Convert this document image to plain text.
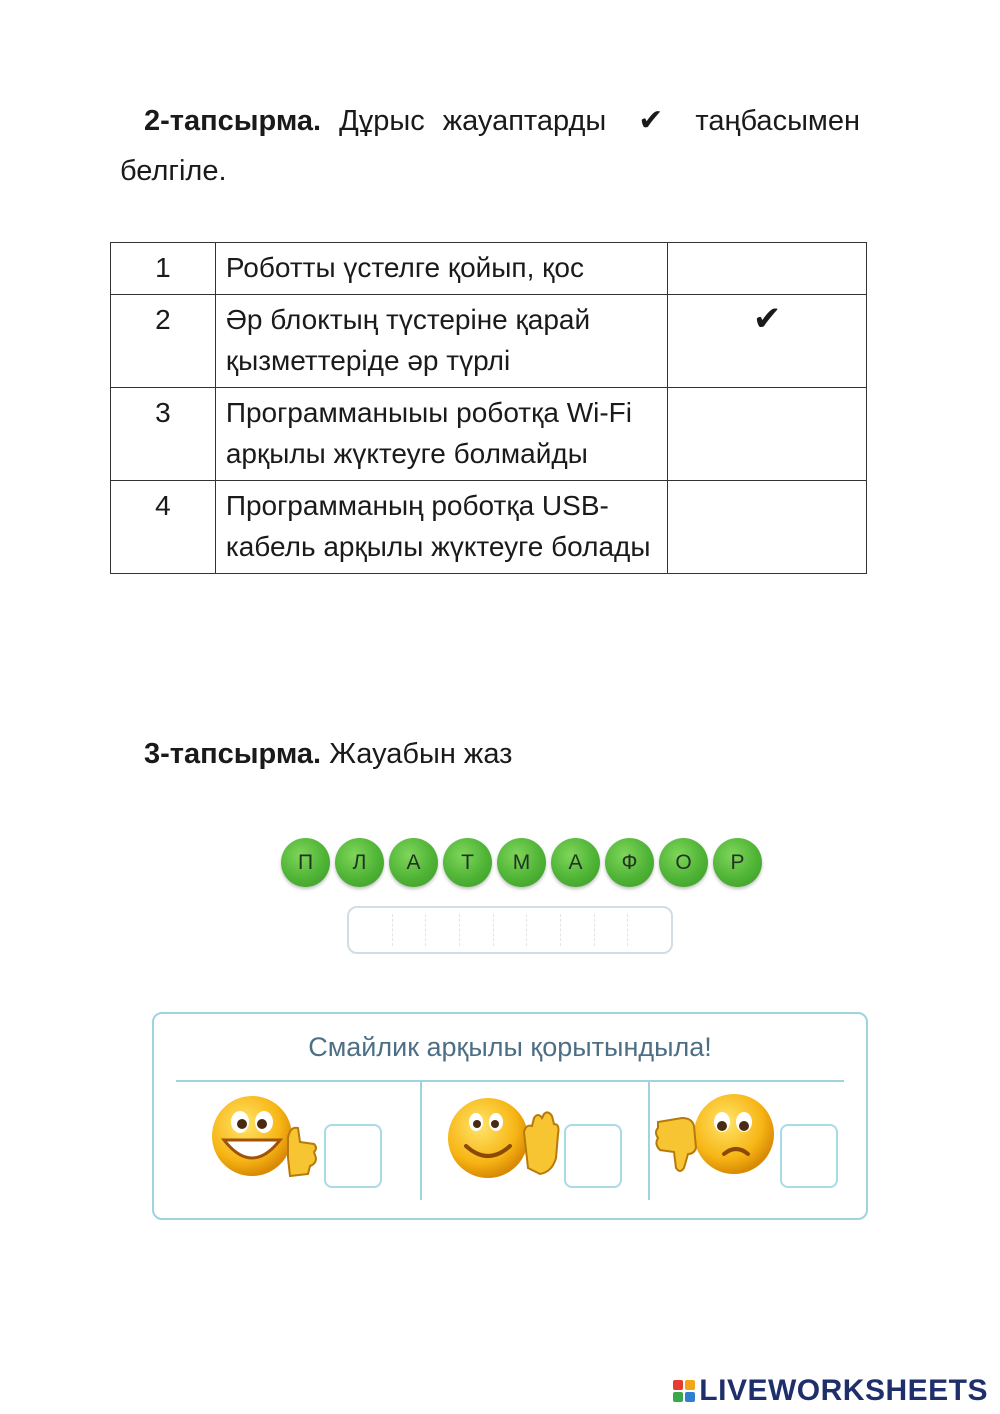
2-тапсырма. Дұрыс жауаптарды ✔ таңбасымен белгіле.
1	Роботты үстелге қойып, қос	
2	Әр блоктың түстеріне қарай қызметтеріде әр түрлі	✔
3	Программаныыы роботқа Wi-Fi арқылы жүктеуге болмайды	
4	Программаның роботқа USB-кабель арқылы жүктеуге болады	
3-тапсырма. Жауабын жаз
П	Л	А	Т	М	А	Ф	О	Р
Смайлик арқылы қорытындыла!
LIVEWORKSHEETS
